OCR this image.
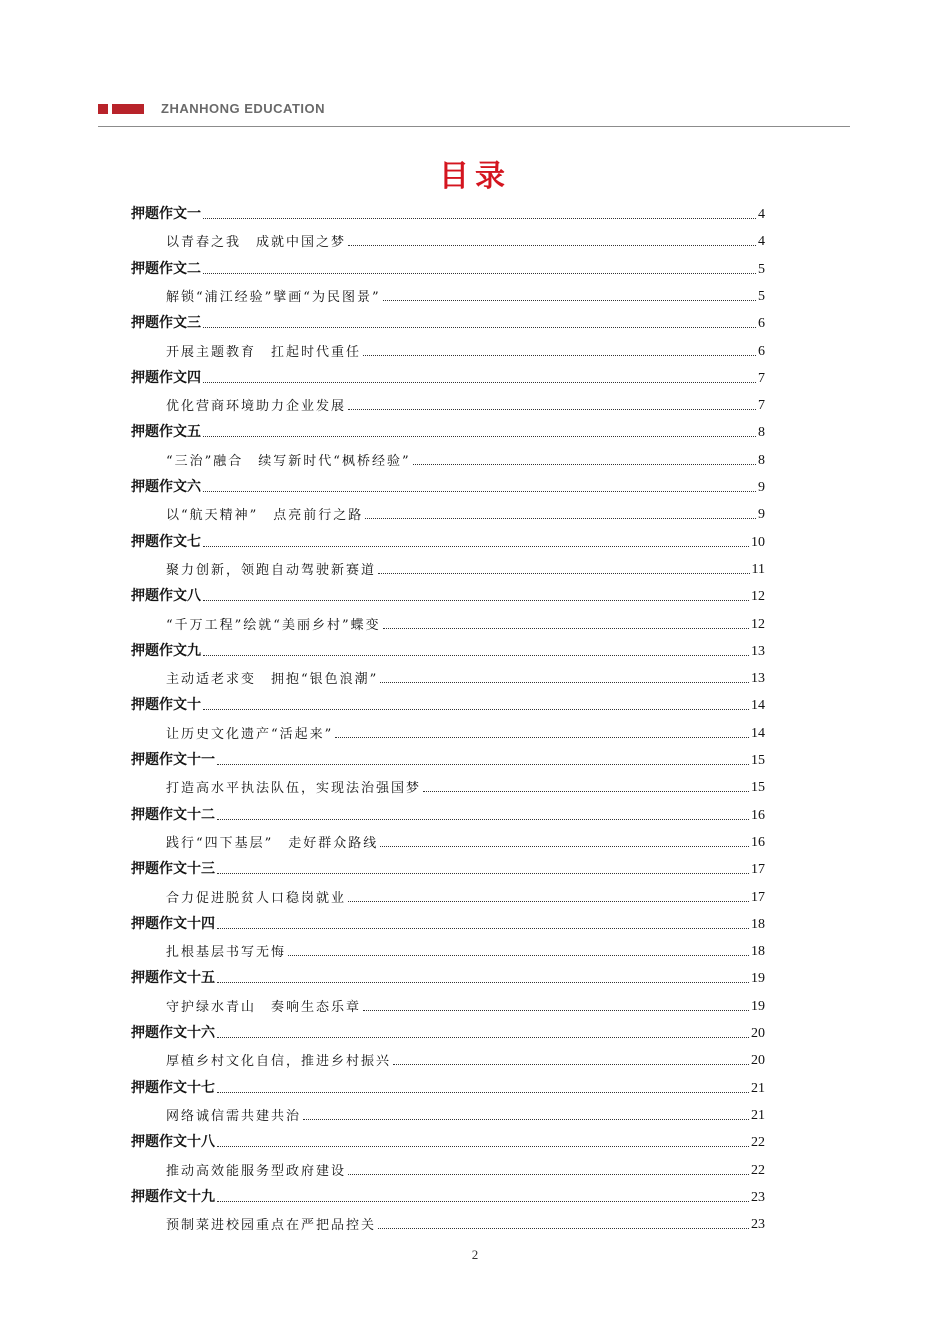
ZHANHONG EDUCATION
目录
押题作文一	4
以青春之我　成就中国之梦	4
押题作文二	5
解锁“浦江经验”擘画“为民图景”	5
押题作文三	6
开展主题教育　扛起时代重任	6
押题作文四	7
优化营商环境助力企业发展	7
押题作文五	8
“三治”融合　续写新时代“枫桥经验”	8
押题作文六	9
以“航天精神”　点亮前行之路	9
押题作文七	10
聚力创新，领跑自动驾驶新赛道	11
押题作文八	12
“千万工程”绘就“美丽乡村”蝶变	12
押题作文九	13
主动适老求变　拥抱“银色浪潮”	13
押题作文十	14
让历史文化遗产“活起来”	14
押题作文十一	15
打造高水平执法队伍，实现法治强国梦	15
押题作文十二	16
践行“四下基层”　走好群众路线	16
押题作文十三	17
合力促进脱贫人口稳岗就业	17
押题作文十四	18
扎根基层书写无悔	18
押题作文十五	19
守护绿水青山　奏响生态乐章	19
押题作文十六	20
厚植乡村文化自信，推进乡村振兴	20
押题作文十七	21
网络诚信需共建共治	21
押题作文十八	22
推动高效能服务型政府建设	22
押题作文十九	23
预制菜进校园重点在严把品控关	23
2
